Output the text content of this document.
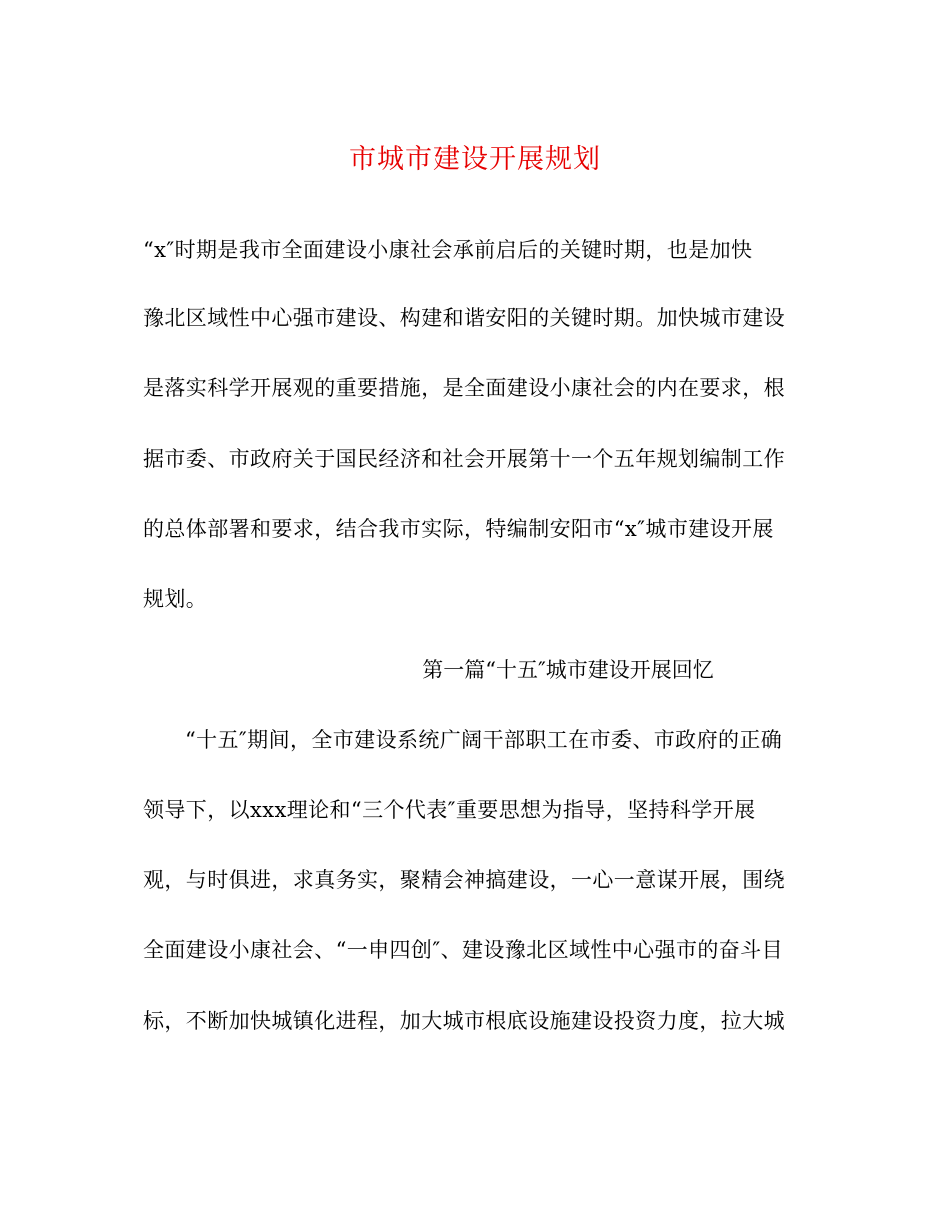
市城市建设开展规划
“x″时期是我市全面建设小康社会承前启后的关键时期，也是加快
豫北区域性中心强市建设、构建和谐安阳的关键时期。加快城市建设
是落实科学开展观的重要措施，是全面建设小康社会的内在要求，根
据市委、市政府关于国民经济和社会开展第十一个五年规划编制工作
的总体部署和要求，结合我市实际，特编制安阳市“x″城市建设开展
规划。
第一篇“十五″城市建设开展回忆
“十五″期间，全市建设系统广阔干部职工在市委、市政府的正确
领导下，以xxx理论和“三个代表″重要思想为指导，坚持科学开展
观，与时俱进，求真务实，聚精会神搞建设，一心一意谋开展，围绕
全面建设小康社会、“一申四创″、建设豫北区域性中心强市的奋斗目
标，不断加快城镇化进程，加大城市根底设施建设投资力度，拉大城
